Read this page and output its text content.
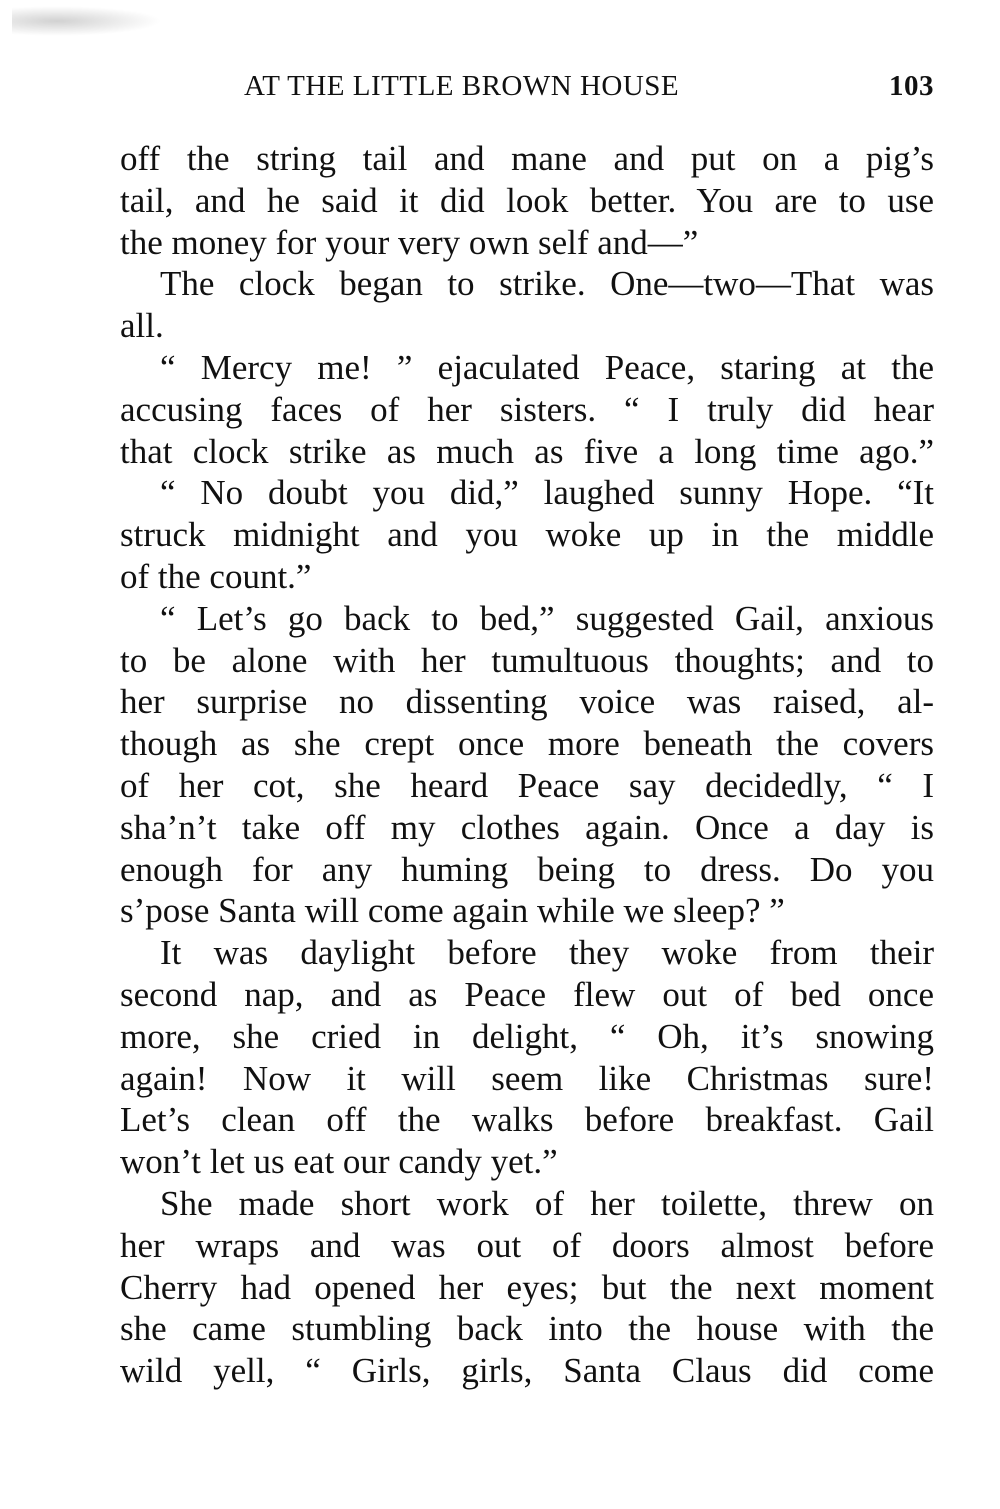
AT THE LITTLE BROWN HOUSE	103
off the string tail and mane and put on a pig’s
tail, and he said it did look better. You are to use
the money for your very own self and—”
The clock began to strike. One—two—That was
all.
“ Mercy me! ” ejaculated Peace, staring at the
accusing faces of her sisters. “ I truly did hear
that clock strike as much as five a long time ago.”
“ No doubt you did,” laughed sunny Hope. “It
struck midnight and you woke up in the middle
of the count.”
“ Let’s go back to bed,” suggested Gail, anxious
to be alone with her tumultuous thoughts; and to
her surprise no dissenting voice was raised, al-
though as she crept once more beneath the covers
of her cot, she heard Peace say decidedly, “ I
sha’n’t take off my clothes again. Once a day is
enough for any huming being to dress. Do you
s’pose Santa will come again while we sleep? ”
It was daylight before they woke from their
second nap, and as Peace flew out of bed once
more, she cried in delight, “ Oh, it’s snowing
again! Now it will seem like Christmas sure!
Let’s clean off the walks before breakfast. Gail
won’t let us eat our candy yet.”
She made short work of her toilette, threw on
her wraps and was out of doors almost before
Cherry had opened her eyes; but the next moment
she came stumbling back into the house with the
wild yell, “ Girls, girls, Santa Claus did come
